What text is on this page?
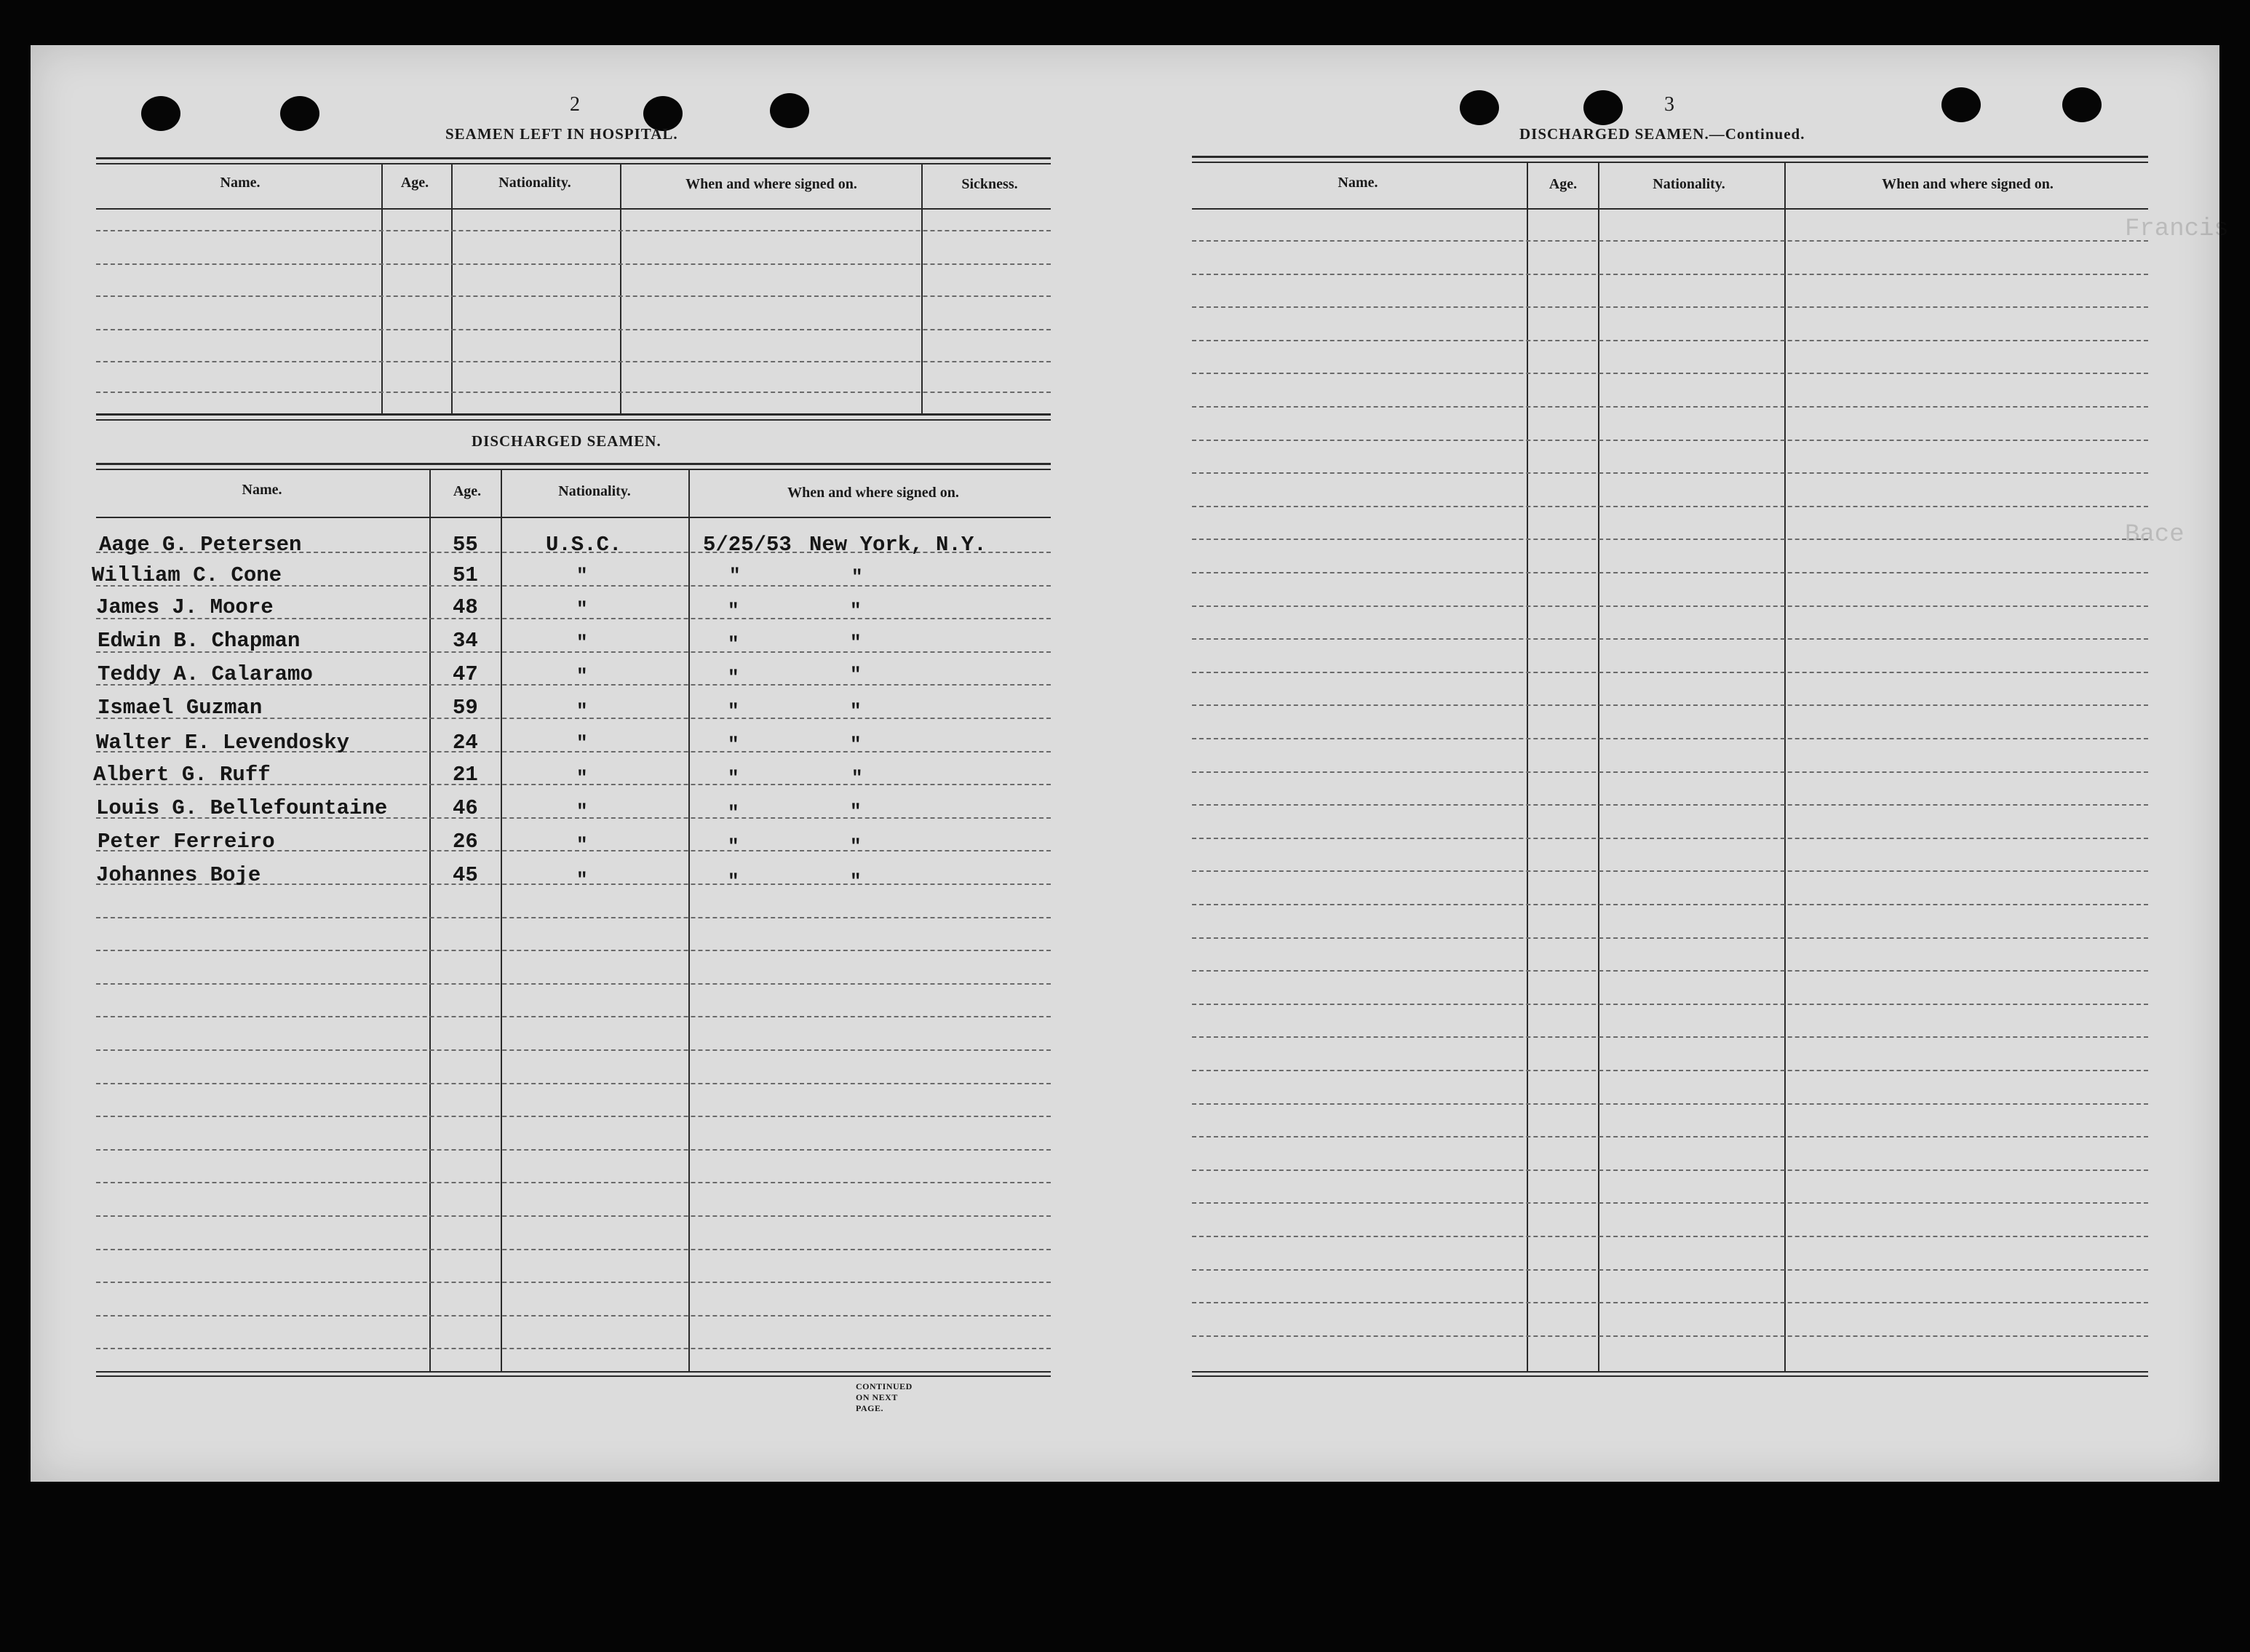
Francis
Bace
2
SEAMEN LEFT IN HOSPITAL.
Name.	Age.	Nationality.	When and where signed on.	Sickness.
DISCHARGED SEAMEN.
Name.	Age.	Nationality.	When and where signed on.
Aage G. Petersen	55	U.S.C.	5/25/53 New York, N.Y.
William C. Cone	51	"	"	"
James J. Moore	48	"	"	"
Edwin B. Chapman	34	"	"	"
Teddy A. Calaramo	47	"	"	"
Ismael Guzman	59	"	"	"
Walter E. Levendosky	24	"	"	"
Albert G. Ruff	21	"	"	"
Louis G. Bellefountaine	46	"	"	"
Peter Ferreiro	26	"	"	"
Johannes Boje	45	"	"	"
CONTINUED ON NEXT PAGE.
3
DISCHARGED SEAMEN.—Continued.
Name.	Age.	Nationality.	When and where signed on.
